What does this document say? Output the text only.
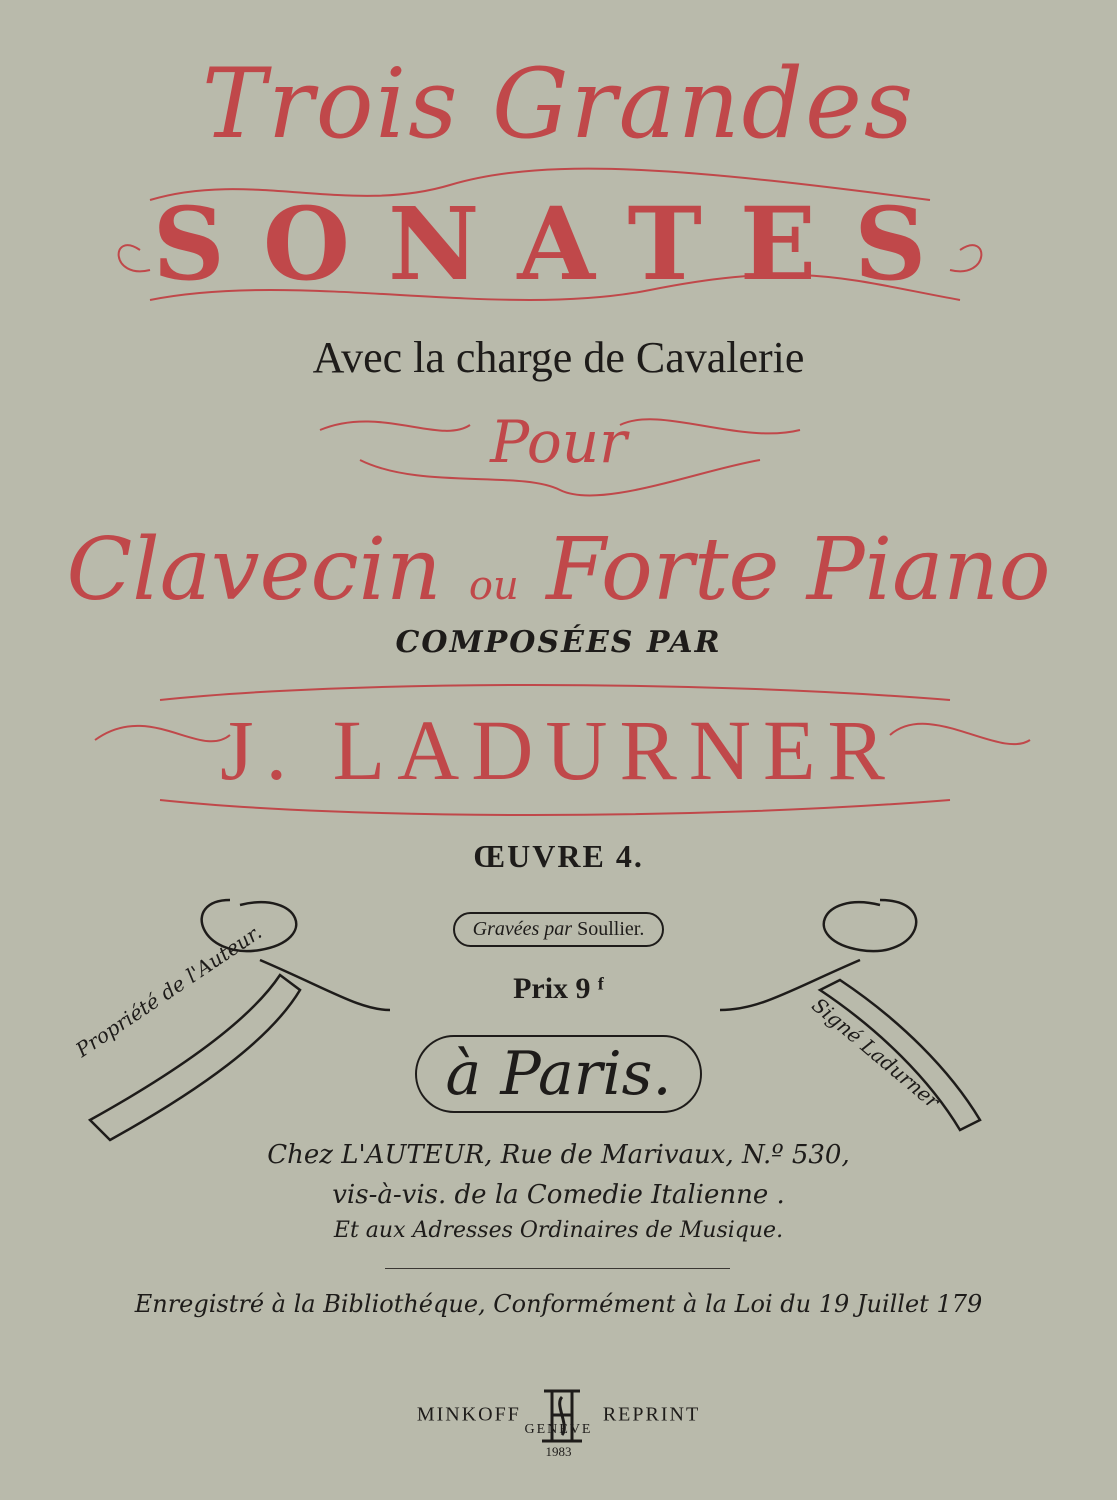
Trois Grandes
SONATES
Avec la charge de Cavalerie
Pour
Clavecin ou Forte Piano
COMPOSÉES PAR
J. LADURNER
ŒUVRE 4.
Gravées par Soullier.
Prix 9 ᶠ
Propriété de l'Auteur.	Signé Ladurner
à Paris.
Chez L'AUTEUR, Rue de Marivaux, N.º 530,
vis-à-vis. de la Comedie Italienne .
Et aux Adresses Ordinaires de Musique.
Enregistré à la Bibliothéque, Conformément à la Loi du 19 Juillet 179
MINKOFF	REPRINT
GENÈVE
1983
